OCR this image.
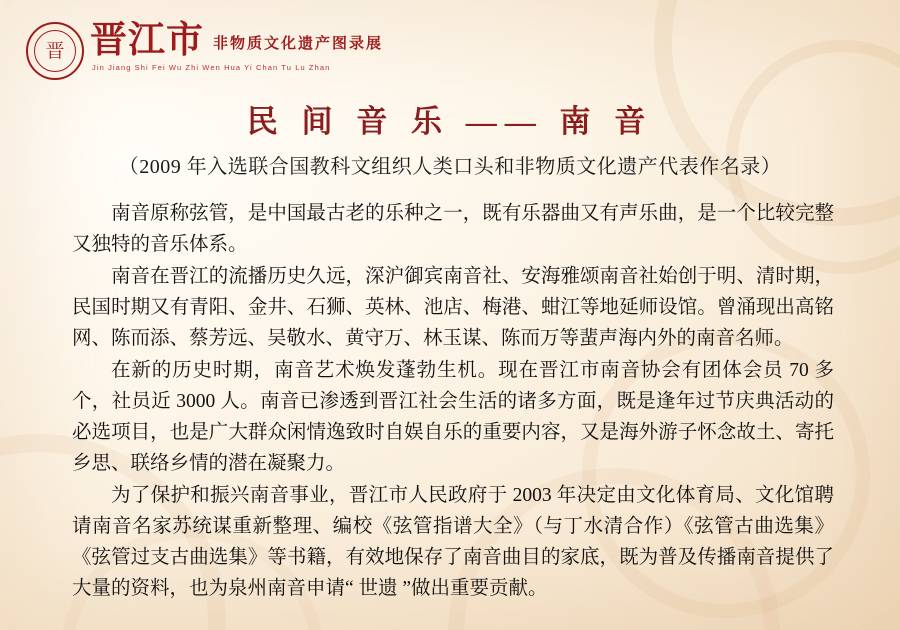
晋 晋江市 非物质文化遗产图录展
Jin Jiang Shi Fei Wu Zhi Wen Hua Yi Chan Tu Lu Zhan
民 间 音 乐 —— 南 音
（2009 年入选联合国教科文组织人类口头和非物质文化遗产代表作名录）

南音原称弦管，是中国最古老的乐种之一，既有乐器曲又有声乐曲，是一个比较完整又独特的音乐体系。

南音在晋江的流播历史久远，深沪御宾南音社、安海雅颂南音社始创于明、清时期，民国时期又有青阳、金井、石狮、英林、池店、梅港、蚶江等地延师设馆。曾涌现出高铭网、陈而添、蔡芳远、吴敬水、黄守万、林玉谋、陈而万等蜚声海内外的南音名师。

在新的历史时期，南音艺术焕发蓬勃生机。现在晋江市南音协会有团体会员 70 多个，社员近 3000 人。南音已渗透到晋江社会生活的诸多方面，既是逢年过节庆典活动的必选项目，也是广大群众闲情逸致时自娱自乐的重要内容，又是海外游子怀念故土、寄托乡思、联络乡情的潜在凝聚力。

为了保护和振兴南音事业，晋江市人民政府于 2003 年决定由文化体育局、文化馆聘请南音名家苏统谋重新整理、编校《弦管指谱大全》（与丁水清合作）《弦管古曲选集》《弦管过支古曲选集》等书籍，有效地保存了南音曲目的家底，既为普及传播南音提供了大量的资料，也为泉州南音申请“ 世遗 ”做出重要贡献。
